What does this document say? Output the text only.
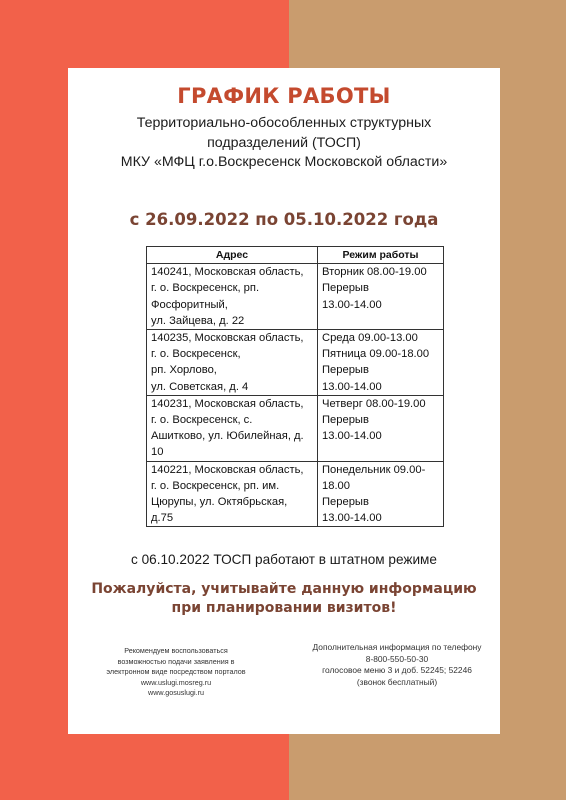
ГРАФИК РАБОТЫ
Территориально-обособленных структурных
подразделений (ТОСП)
МКУ «МФЦ г.о.Воскресенск Московской области»
с 26.09.2022 по 05.10.2022 года
Адрес	Режим работы

140241, Московская область,
г. о. Воскресенск, рп.
Фосфоритный,
ул. Зайцева, д. 22	Вторник 08.00-19.00
Перерыв
13.00-14.00

140235, Московская область,
г. о. Воскресенск,
рп. Хорлово,
ул. Советская, д. 4	Среда 09.00-13.00
Пятница 09.00-18.00
Перерыв
13.00-14.00

140231, Московская область,
г. о. Воскресенск, с.
Ашитково, ул. Юбилейная, д.
10	Четверг 08.00-19.00
Перерыв
13.00-14.00

140221, Московская область,
г. о. Воскресенск, рп. им.
Цюрупы, ул. Октябрьская,
д.75	Понедельник 09.00-
18.00
Перерыв
13.00-14.00
с 06.10.2022 ТОСП работают в штатном режиме
Пожалуйста, учитывайте данную информацию
при планировании визитов!
Рекомендуем воспользоваться
возможностью подачи заявления в
электронном виде посредством порталов
www.uslugi.mosreg.ru
www.gosuslugi.ru
Дополнительная информация по телефону
8-800-550-50-30
голосовое меню 3 и доб. 52245; 52246
(звонок бесплатный)
